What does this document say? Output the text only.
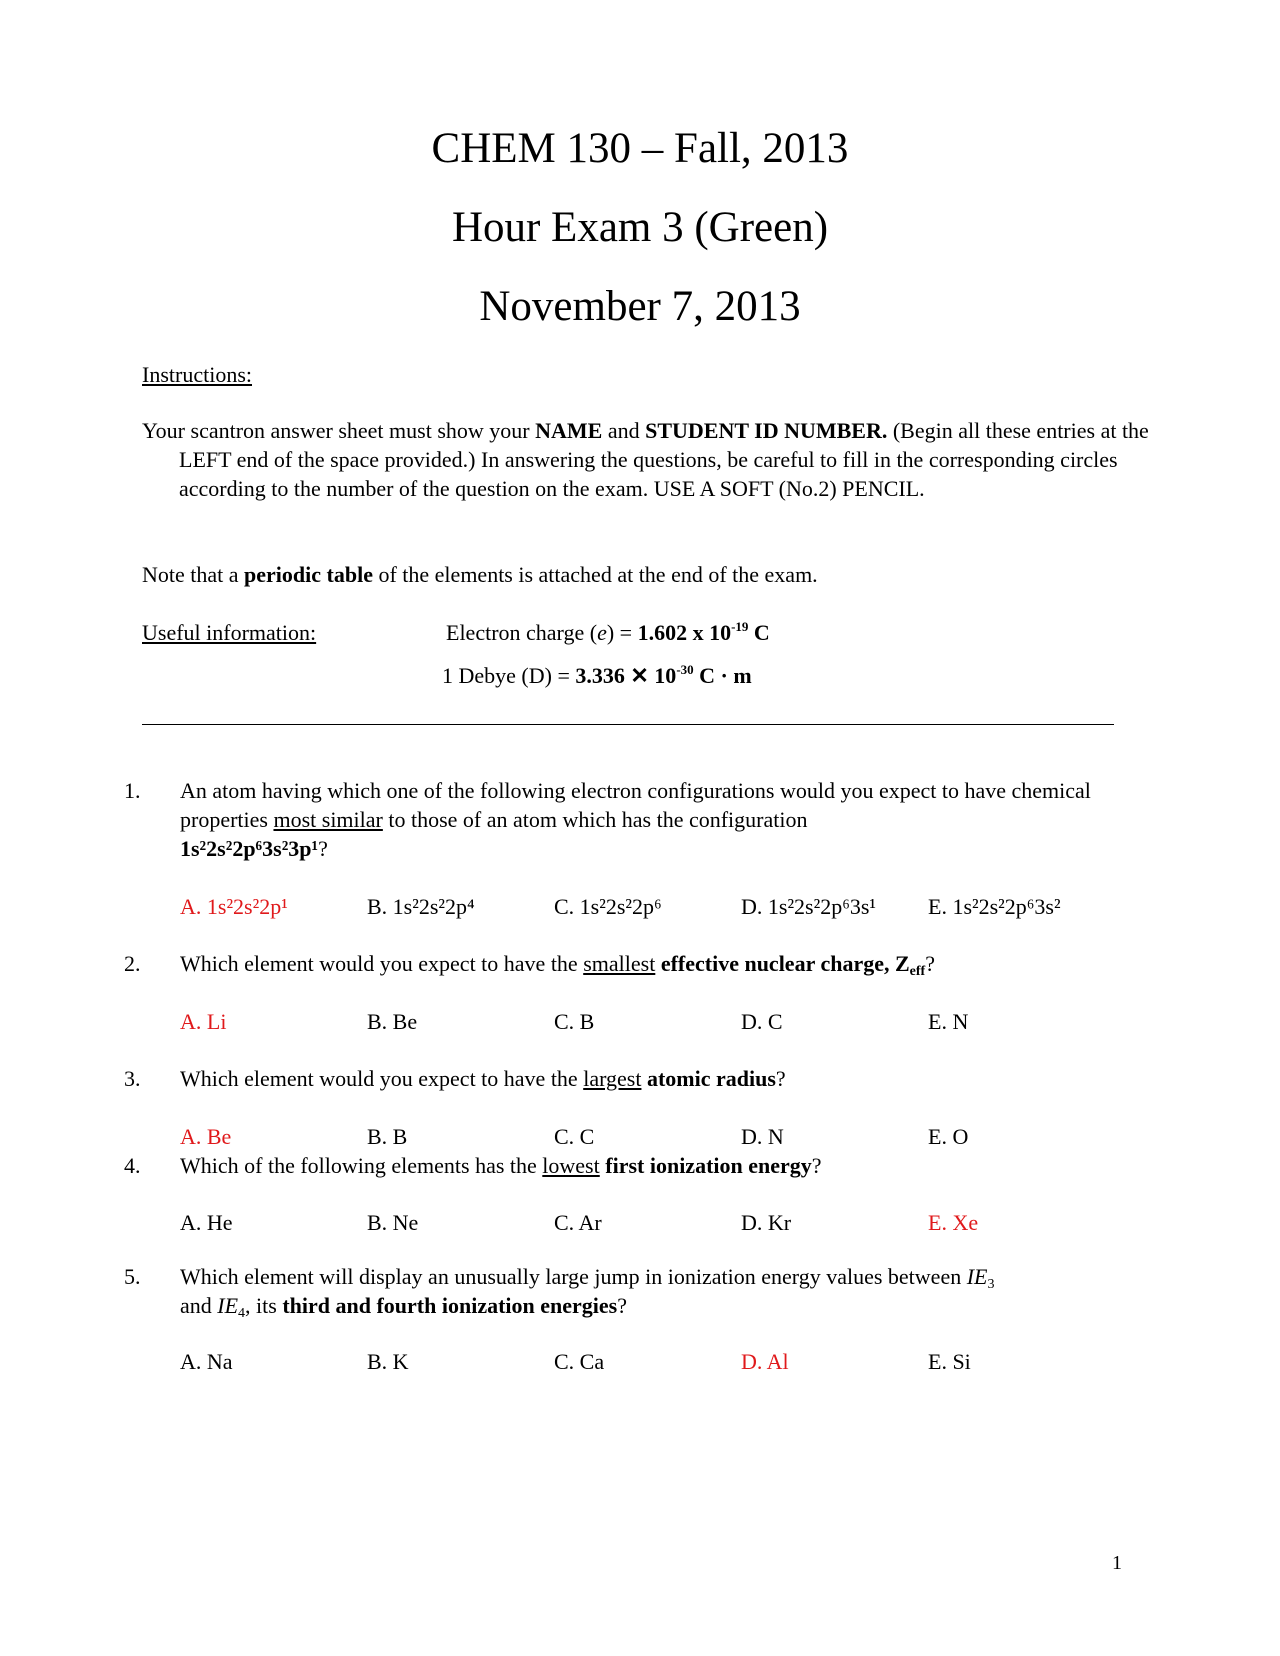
CHEM 130 – Fall, 2013
Hour Exam 3 (Green)
November 7, 2013
Instructions:

Your scantron answer sheet must show your NAME and STUDENT ID NUMBER. (Begin all these entries at the LEFT end of the space provided.) In answering the questions, be careful to fill in the corresponding circles according to the number of the question on the exam. USE A SOFT (No.2) PENCIL.

Note that a periodic table of the elements is attached at the end of the exam.

Useful information:	Electron charge (e) = 1.602 x $10^{-19}$ C
1 Debye (D) = 3.336 ✕ $10^{-30}$ C · m
1. An atom having which one of the following electron configurations would you expect to have chemical properties most similar to those of an atom which has the configuration
1s²2s²2p⁶3s²3p¹?
A. 1s²2s²2p¹	B. 1s²2s²2p⁴	C. 1s²2s²2p⁶	D. 1s²2s²2p⁶3s¹ E. 1s²2s²2p⁶3s²
2. Which element would you expect to have the smallest effective nuclear charge, $Z_{eff}$?
A. Li	B. Be	C. B	D. C	E. N
3. Which element would you expect to have the largest atomic radius?
A. Be	B. B	C. C	D. N	E. O
4. Which of the following elements has the lowest first ionization energy?
A. He	B. Ne	C. Ar	D. Kr	E. Xe
5. Which element will display an unusually large jump in ionization energy values between $IE_3$
and $IE_4$, its third and fourth ionization energies?
A. Na	B. K	C. Ca	D. Al	E. Si
1
